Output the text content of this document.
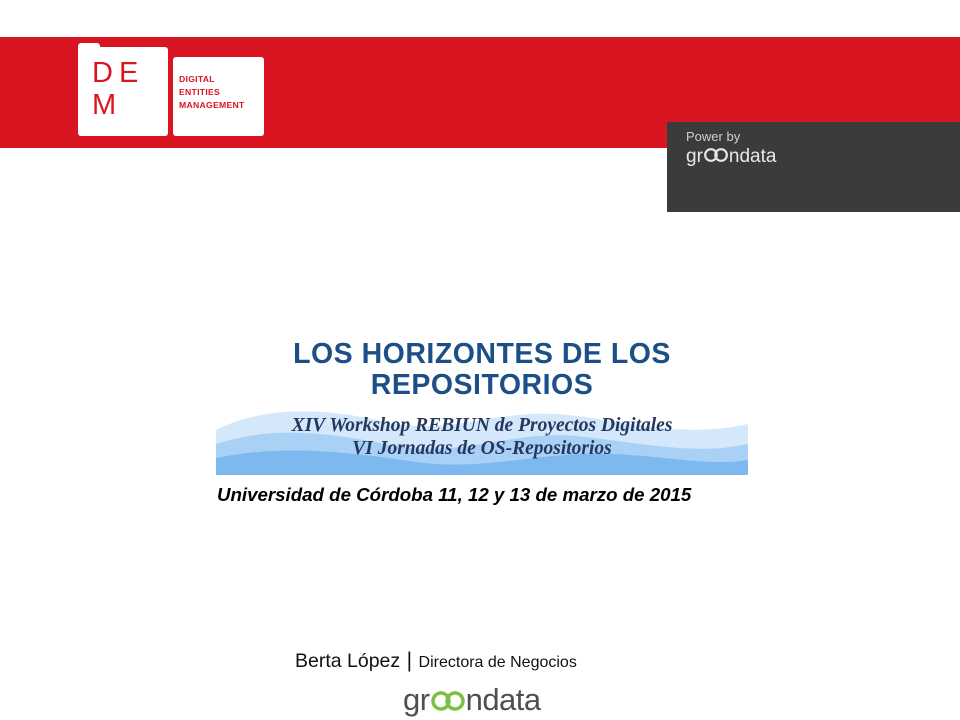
DE
M
DIGITAL
ENTITIES
MANAGEMENT
Power by
gr ndata
LOS HORIZONTES DE LOS
REPOSITORIOS
XIV Workshop REBIUN de Proyectos Digitales
VI Jornadas de OS-Repositorios
Universidad de Córdoba 11, 12 y 13 de marzo de 2015
Berta López | Directora de Negocios
gr ndata
